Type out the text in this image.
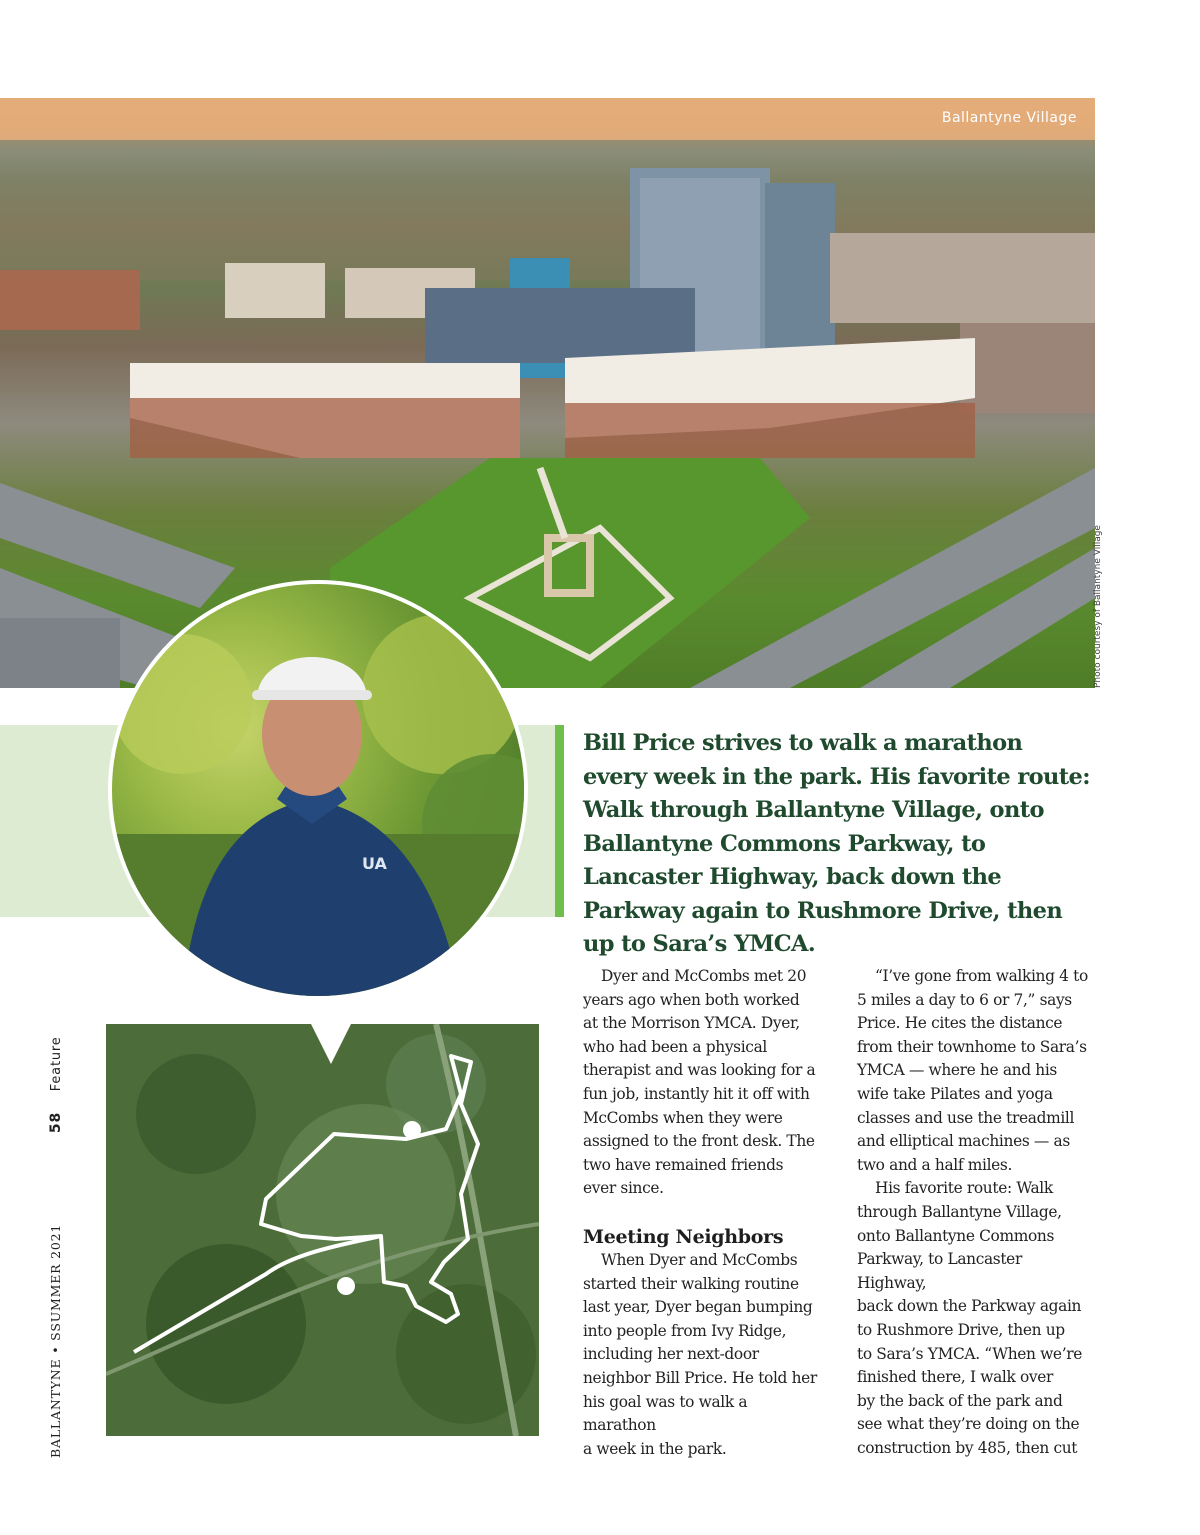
Ballantyne Village
Photo courtesy of Ballantyne Village
UA
Bill Price strives to walk a marathon every week in the park. His favorite route: Walk through Ballantyne Village, onto Ballantyne Commons Parkway, to Lancaster Highway, back down the Parkway again to Rushmore Drive, then up to Sara’s YMCA.
BALLANTYNE • SSUMMER 2021 58 Feature

Dyer and McCombs met 20
years ago when both worked
at the Morrison YMCA. Dyer,
who had been a physical
therapist and was looking for a
fun job, instantly hit it off with
McCombs when they were
assigned to the front desk. The
two have remained friends
ever since.

Meeting Neighbors

When Dyer and McCombs
started their walking routine
last year, Dyer began bumping
into people from Ivy Ridge,
including her next-door
neighbor Bill Price. He told her
his goal was to walk a marathon
a week in the park.

“I’ve gone from walking 4 to
5 miles a day to 6 or 7,” says
Price. He cites the distance
from their townhome to Sara’s
YMCA — where he and his
wife take Pilates and yoga
classes and use the treadmill
and elliptical machines — as
two and a half miles.

His favorite route: Walk
through Ballantyne Village,
onto Ballantyne Commons
Parkway, to Lancaster Highway,
back down the Parkway again
to Rushmore Drive, then up
to Sara’s YMCA. “When we’re
finished there, I walk over
by the back of the park and
see what they’re doing on the
construction by 485, then cut
